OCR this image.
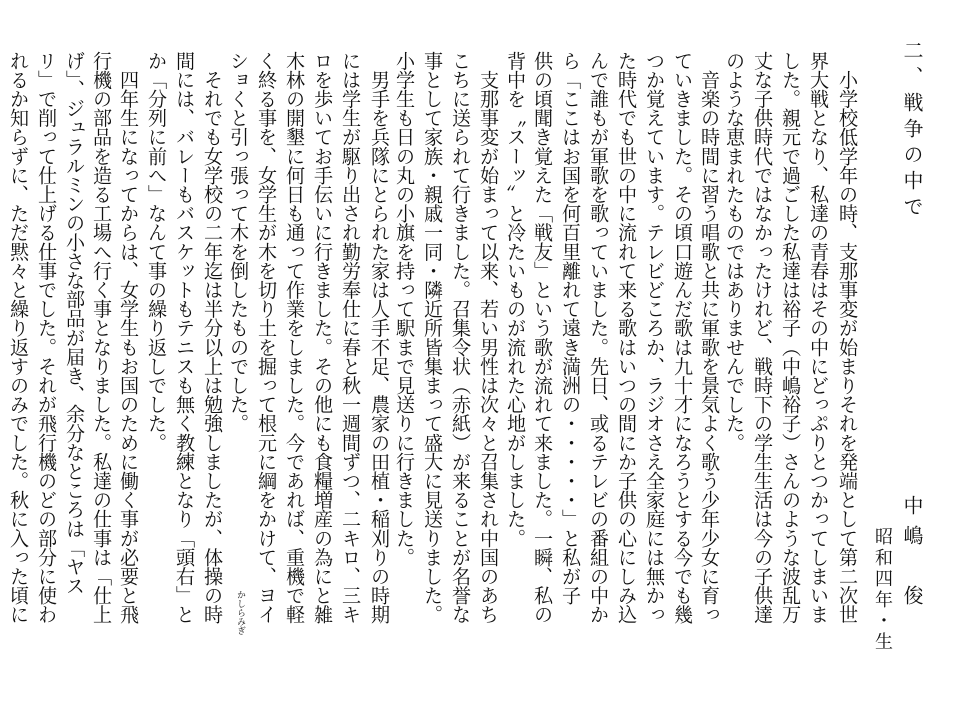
二、戦争の中で
中嶋　俊
昭和四年・生
　小学校低学年の時、支那事変が始まりそれを発端として第二次世
界大戦となり、私達の青春はその中にどっぷりとつかってしまいま
した。親元で過ごした私達は裕子（中嶋裕子）さんのような波乱万
丈な子供時代ではなかったけれど、戦時下の学生生活は今の子供達
のような恵まれたものではありませんでした。
　音楽の時間に習う唱歌と共に軍歌を景気よく歌う少年少女に育っ
ていきました。その頃口遊んだ歌は九十才になろうとする今でも幾
つか覚えています。テレビどころか、ラジオさえ全家庭には無かっ
た時代でも世の中に流れて来る歌はいつの間にか子供の心にしみ込
んで誰もが軍歌を歌っていました。先日、或るテレビの番組の中か
ら「ここはお国を何百里離れて遠き満洲の・・・・・」と私が子
供の頃聞き覚えた「戦友」という歌が流れて来ました。一瞬、私の
背中を〝スーッ〟と冷たいものが流れた心地がしました。
　支那事変が始まって以来、若い男性は次々と召集され中国のあち
こちに送られて行きました。召集令状（赤紙）が来ることが名誉な
事として家族・親戚一同・隣近所皆集まって盛大に見送りました。
小学生も日の丸の小旗を持って駅まで見送りに行きました。
　男手を兵隊にとられた家は人手不足、農家の田植・稲刈りの時期
には学生が駆り出され勤労奉仕に春と秋一週間ずつ、二キロ、三キ
ロを歩いてお手伝いに行きました。その他にも食糧増産の為にと雑
木林の開墾に何日も通って作業をしました。今であれば、重機で軽
く終る事を、女学生が木を切り土を掘って根元に綱をかけて、ヨイ
ショくと引っ張って木を倒したものでした。
　それでも女学校の二年迄は半分以上は勉強しましたが、体操の時
間には、バレーもバスケットもテニスも無く教練となり「頭右」と
か「分列に前へ」なんて事の繰り返しでした。
　四年生になってからは、女学生もお国のために働く事が必要と飛
行機の部品を造る工場へ行く事となりました。私達の仕事は「仕上
げ」、ジュラルミンの小さな部品が届き、余分なところは「ヤス
リ」で削って仕上げる仕事でした。それが飛行機のどの部分に使わ
れるか知らずに、ただ黙々と繰り返すのみでした。秋に入った頃に	かしらみぎ
